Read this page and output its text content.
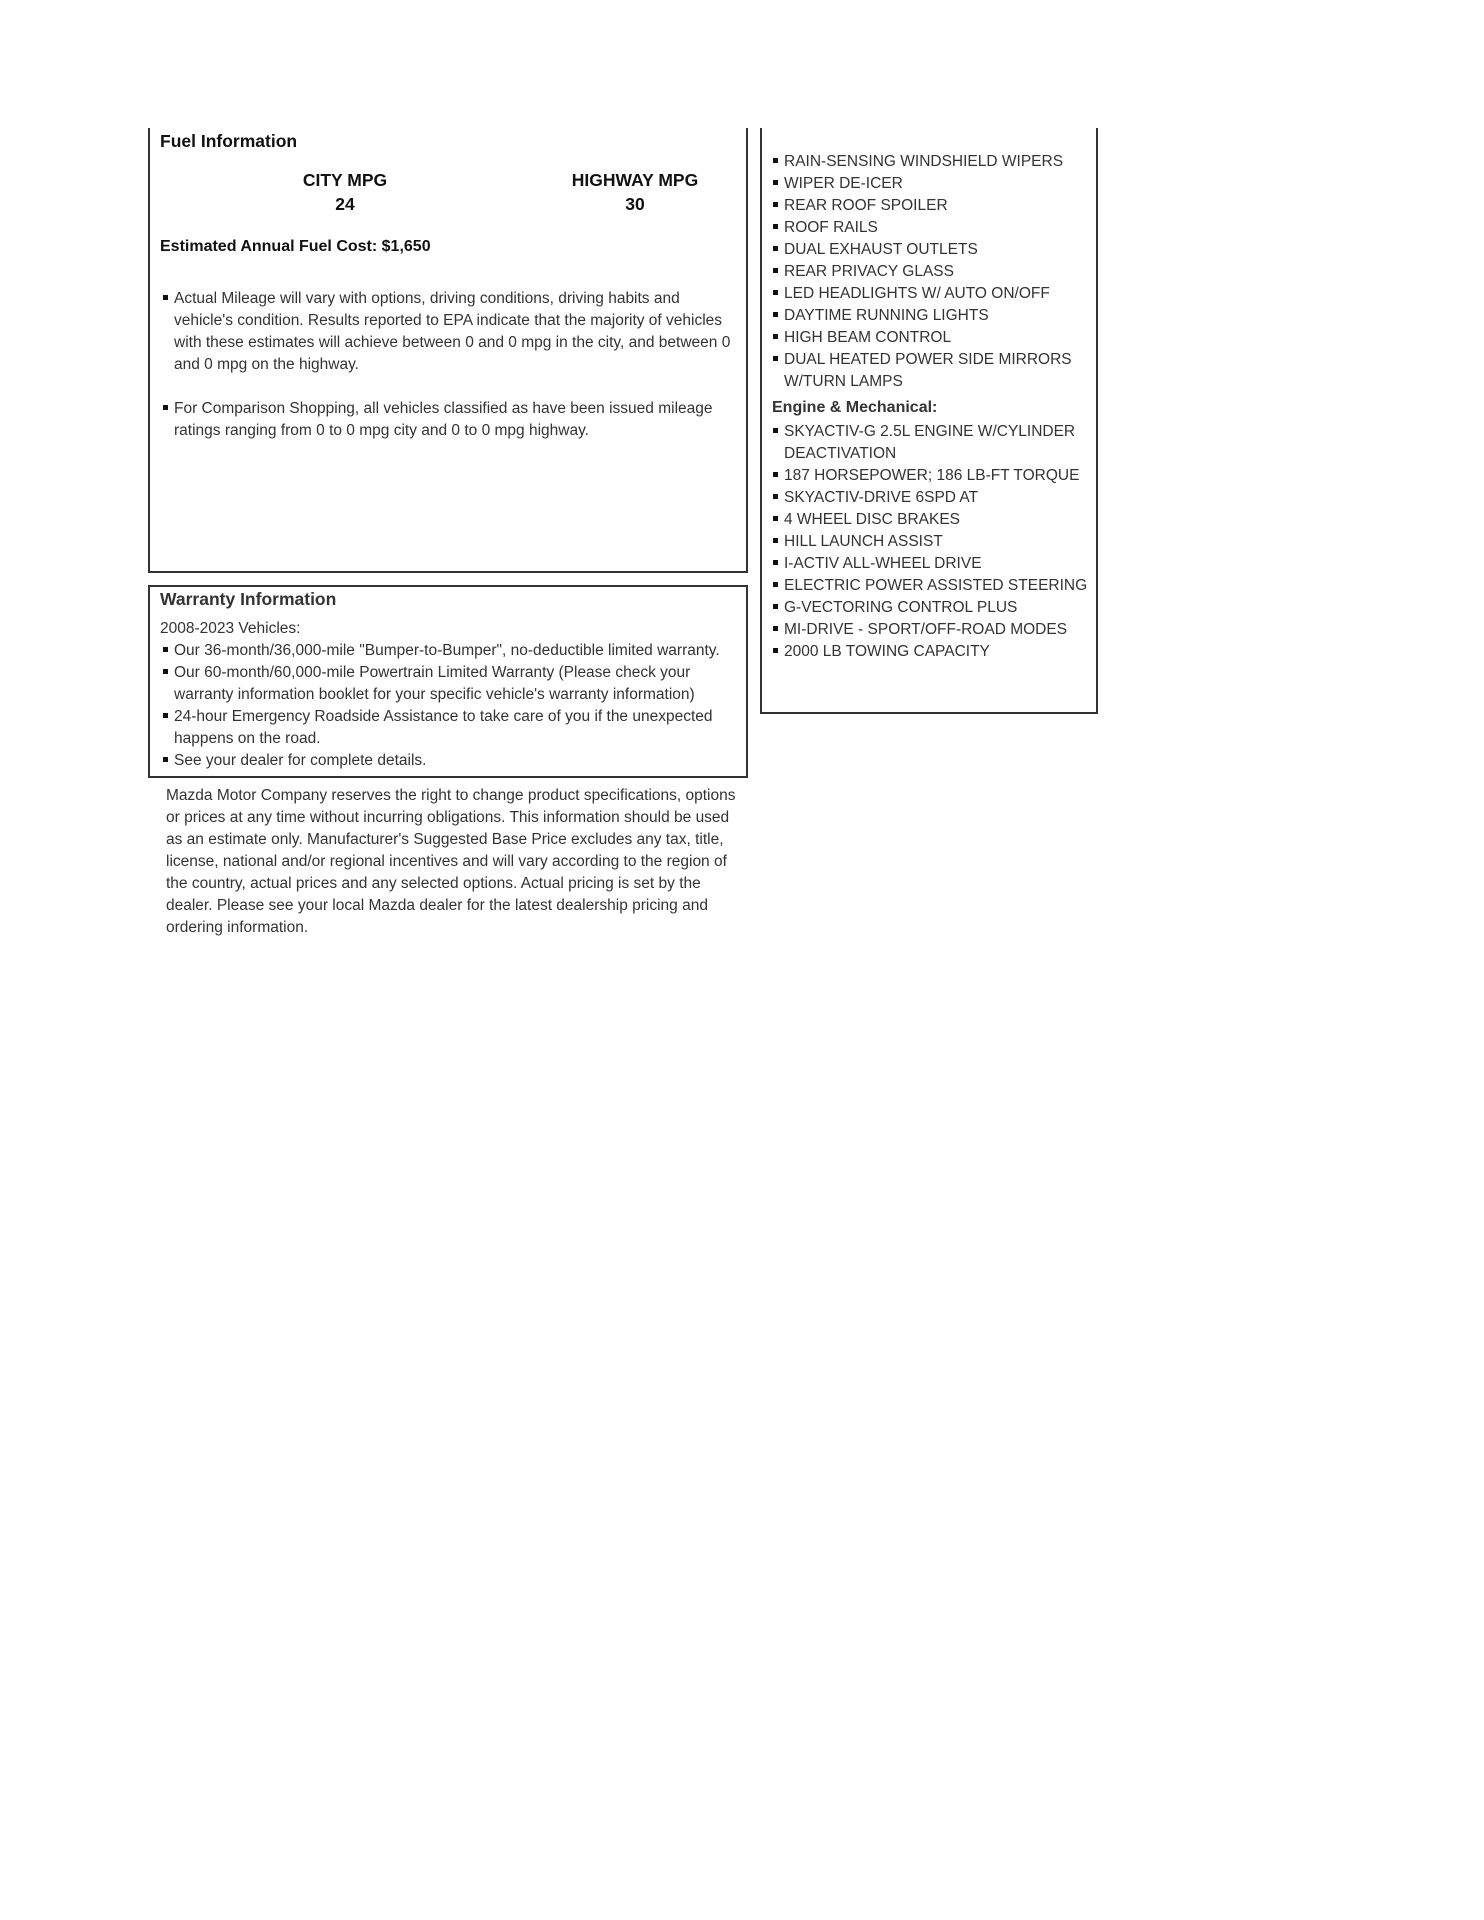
Fuel Information
CITY MPG
24
HIGHWAY MPG
30
Estimated Annual Fuel Cost: $1,650
Actual Mileage will vary with options, driving conditions, driving habits and vehicle's condition. Results reported to EPA indicate that the majority of vehicles with these estimates will achieve between 0 and 0 mpg in the city, and between 0 and 0 mpg on the highway.
For Comparison Shopping, all vehicles classified as have been issued mileage ratings ranging from 0 to 0 mpg city and 0 to 0 mpg highway.
Warranty Information
2008-2023 Vehicles:
Our 36-month/36,000-mile "Bumper-to-Bumper", no-deductible limited warranty.
Our 60-month/60,000-mile Powertrain Limited Warranty (Please check your warranty information booklet for your specific vehicle's warranty information)
24-hour Emergency Roadside Assistance to take care of you if the unexpected happens on the road.
See your dealer for complete details.

Mazda Motor Company reserves the right to change product specifications, options or prices at any time without incurring obligations. This information should be used as an estimate only. Manufacturer's Suggested Base Price excludes any tax, title, license, national and/or regional incentives and will vary according to the region of the country, actual prices and any selected options. Actual pricing is set by the dealer. Please see your local Mazda dealer for the latest dealership pricing and ordering information.

RAIN-SENSING WINDSHIELD WIPERS
WIPER DE-ICER
REAR ROOF SPOILER
ROOF RAILS
DUAL EXHAUST OUTLETS
REAR PRIVACY GLASS
LED HEADLIGHTS W/ AUTO ON/OFF
DAYTIME RUNNING LIGHTS
HIGH BEAM CONTROL
DUAL HEATED POWER SIDE MIRRORS W/TURN LAMPS
Engine & Mechanical:
SKYACTIV-G 2.5L ENGINE W/CYLINDER DEACTIVATION
187 HORSEPOWER; 186 LB-FT TORQUE
SKYACTIV-DRIVE 6SPD AT
4 WHEEL DISC BRAKES
HILL LAUNCH ASSIST
I-ACTIV ALL-WHEEL DRIVE
ELECTRIC POWER ASSISTED STEERING
G-VECTORING CONTROL PLUS
MI-DRIVE - SPORT/OFF-ROAD MODES
2000 LB TOWING CAPACITY
